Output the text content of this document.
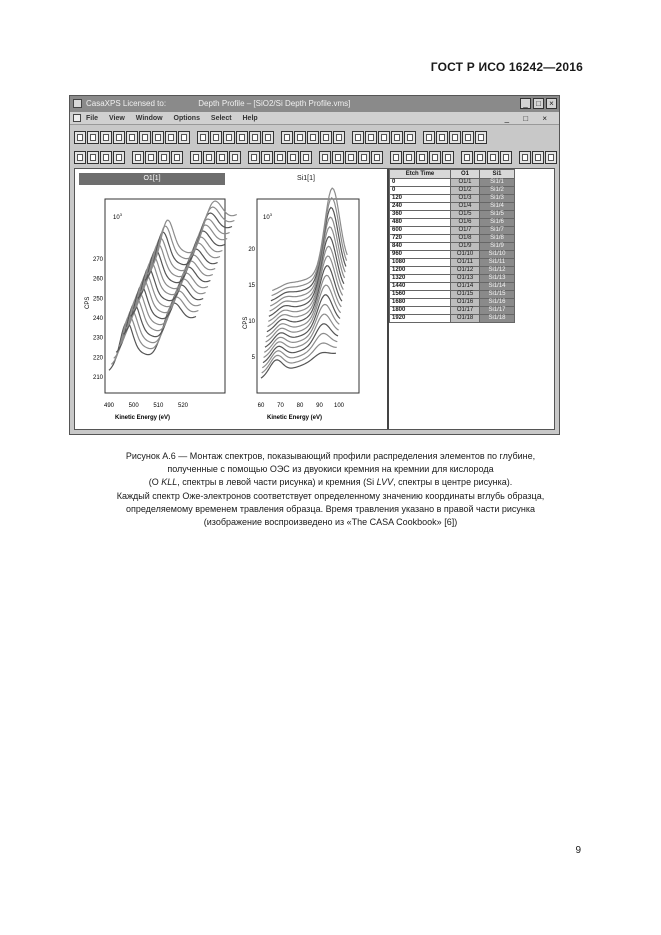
ГОСТ Р ИСО 16242—2016
CasaXPS Licensed to:	Depth Profile – [SiO2/Si Depth Profile.vms]	_	□	×
File View Window Options Select Help	_ □ ×
O1[1]	Si1[1]
$10^3$
CPS
Kinetic Energy (eV)
270
260
250
240
230
220
210
490 500 510 520
$10^3$
CPS
Kinetic Energy (eV)
20
15
10
5
60 70 80 90 100
Etch Time	O1	Si1
0	O1/1	Si1/1
0	O1/2	Si1/2
120	O1/3	Si1/3
240	O1/4	Si1/4
360	O1/5	Si1/5
480	O1/6	Si1/6
600	O1/7	Si1/7
720	O1/8	Si1/8
840	O1/9	Si1/9
960	O1/10	Si1/10
1080	O1/11	Si1/11
1200	O1/12	Si1/12
1320	O1/13	Si1/13
1440	O1/14	Si1/14
1560	O1/15	Si1/15
1680	O1/16	Si1/16
1800	O1/17	Si1/17
1920	O1/18	Si1/18

Рисунок А.6 — Монтаж спектров, показывающий профили распределения элементов по глубине,

полученные с помощью ОЭС из двуокиси кремния на кремнии для кислорода

(О KLL, спектры в левой части рисунка) и кремния (Si LVV, спектры в центре рисунка).

Каждый спектр Оже-электронов соответствует определенному значению координаты вглубь образца,

определяемому временем травления образца. Время травления указано в правой части рисунка

(изображение воспроизведено из «The CASA Cookbook» [6])

9
